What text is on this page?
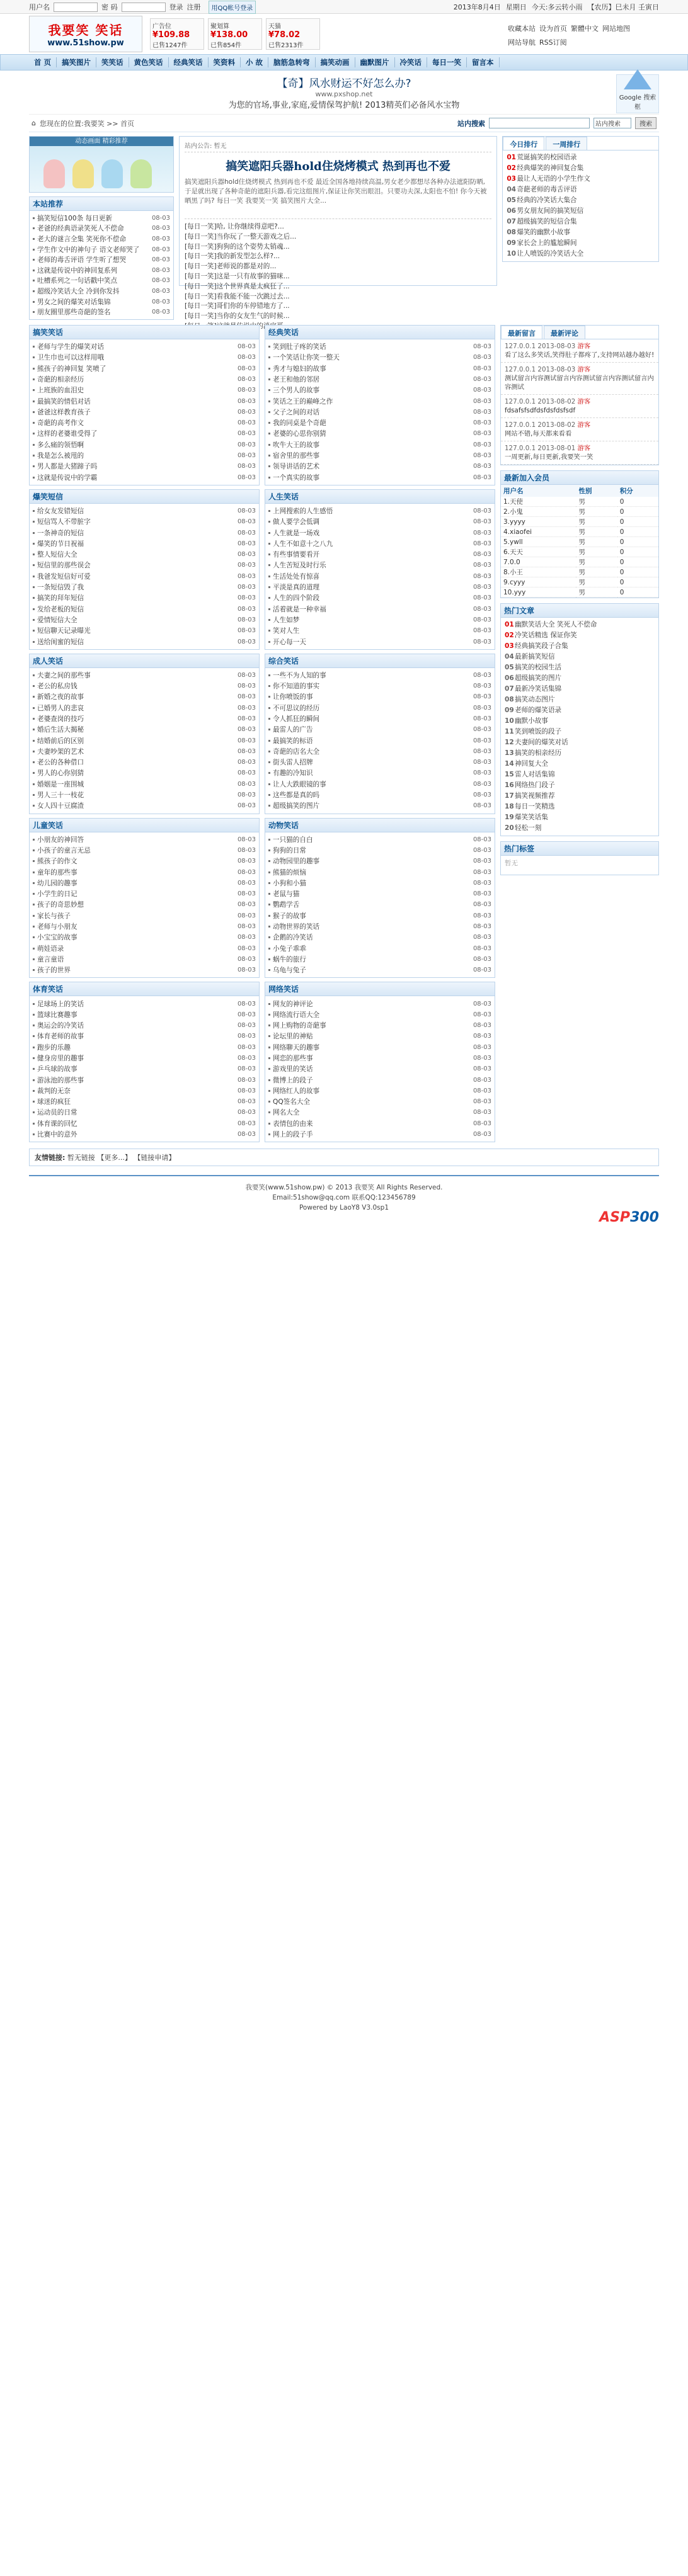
用户名	密 码	登录 注册	用QQ帐号登录	2013年8月4日 星期日 今天:多云转小雨 【农历】巳未月 壬寅日
我要笑 笑话
www.51show.pw
广告位
¥109.88
已售1247件
聚划算
¥138.00
已售854件
天猫
¥78.02
已售2313件
收藏本站 设为首页 繁體中文 网站地图
网站导航 RSS订阅
首 页	搞笑图片	笑笑话	黄色笑话	经典笑话	笑资料	小 故	脑筋急转弯	搞笑动画	幽默图片	冷笑话	每日一笑	留言本
【奇】风水财运不好怎么办?
www.pxshop.net
为您的官场,事业,家庭,爱情保驾护航! 2013精英们必备风水宝物
Google 搜索框
⌂ 您现在的位置:我要笑 >> 首页	站内搜索	站内搜索	搜索
动态画面 精彩推荐
本站推荐
搞笑短信100条 每日更新	08-03
老爸的经典语录笑死人不偿命	08-03
老大的谜言全集 笑死你不偿命	08-03
学生作文中的神句子 语文老师哭了	08-03
老师的毒舌评语 学生听了想哭	08-03
这就是传说中的神回复系列	08-03
吐槽系列之一句话戳中笑点	08-03
超级冷笑话大全 冷到你发抖	08-03
男女之间的爆笑对话集锦	08-03
朋友圈里那些奇葩的签名	08-03
站内公告: 暂无
搞笑遮阳兵器hold住烧烤模式 热到再也不爱
搞笑遮阳兵器hold住烧烤模式 热到再也不爱 最近全国各地持续高温,男女老少都想尽各种办法遮阳防晒,于是就出现了各种奇葩的遮阳兵器,看完这组图片,保证让你笑出眼泪。只要功夫深,太阳也不怕! 你今天被晒黑了吗? 每日一笑 我要笑一笑 搞笑图片大全...
[每日一笑]哈, 让你继续得意吧?...
[每日一笑]当你玩了一整天游戏之后...
[每日一笑]狗狗的这个姿势太销魂...
[每日一笑]我的新发型怎么样?...
[每日一笑]老师说的都是对的...
[每日一笑]这是一只有故事的猫咪...
[每日一笑]这个世界真是太疯狂了...
[每日一笑]看我能不能一次跳过去...
[每日一笑]哥们你的车停错地方了...
[每日一笑]当你的女友生气的时候...
今日排行	一周排行
01荒诞搞笑的校园语录
02经典爆笑的神回复合集
03最让人无语的小学生作文
04奇葩老师的毒舌评语
05经典的冷笑话大集合
06男女朋友间的搞笑短信
07超级搞笑的短信合集
08爆笑的幽默小故事
09家长会上的尴尬瞬间
10让人喷饭的冷笑话大全
搞笑笑话
老师与学生的爆笑对话	08-03
卫生巾也可以这样用哦	08-03
熊孩子的神回复 笑喷了	08-03
奇葩的相亲经历	08-03
上班族的血泪史	08-03
最搞笑的情侣对话	08-03
爸爸这样教育孩子	08-03
奇葩的高考作文	08-03
这样的老婆谁受得了	08-03
多么痛的领悟啊	08-03
我是怎么被甩的	08-03
男人都是大猪蹄子吗	08-03
这就是传说中的学霸	08-03
经典笑话
笑到肚子疼的笑话	08-03
一个笑话让你笑一整天	08-03
秀才与媳妇的故事	08-03
老王和他的邻居	08-03
三个男人的故事	08-03
笑话之王的巅峰之作	08-03
父子之间的对话	08-03
我的同桌是个奇葩	08-03
老婆的心思你别猜	08-03
吹牛大王的故事	08-03
宿舍里的那些事	08-03
领导讲话的艺术	08-03
一个真实的故事	08-03
爆笑短信
给女友发错短信	08-03
短信骂人不带脏字	08-03
一条神奇的短信	08-03
爆笑的节日祝福	08-03
整人短信大全	08-03
短信里的那些误会	08-03
我爸发短信好可爱	08-03
一条短信毁了我	08-03
搞笑的拜年短信	08-03
发给老板的短信	08-03
爱情短信大全	08-03
短信聊天记录曝光	08-03
送给闺蜜的短信	08-03
人生笑话
上网搜索的人生感悟	08-03
做人要学会低调	08-03
人生就是一场戏	08-03
人生不如意十之八九	08-03
有些事情要看开	08-03
人生苦短及时行乐	08-03
生活处处有惊喜	08-03
平淡是真的道理	08-03
人生的四个阶段	08-03
活着就是一种幸福	08-03
人生如梦	08-03
笑对人生	08-03
开心每一天	08-03
成人笑话
夫妻之间的那些事	08-03
老公的私房钱	08-03
新婚之夜的故事	08-03
已婚男人的悲哀	08-03
老婆查岗的技巧	08-03
婚后生活大揭秘	08-03
结婚前后的区别	08-03
夫妻吵架的艺术	08-03
老公的各种借口	08-03
男人的心你别猜	08-03
婚姻是一座围城	08-03
男人三十一枝花	08-03
女人四十豆腐渣	08-03
综合笑话
一些不为人知的事	08-03
你不知道的事实	08-03
让你喷饭的事	08-03
不可思议的经历	08-03
令人抓狂的瞬间	08-03
最雷人的广告	08-03
最搞笑的标语	08-03
奇葩的店名大全	08-03
街头雷人招牌	08-03
有趣的冷知识	08-03
让人大跌眼镜的事	08-03
这些都是真的吗	08-03
超级搞笑的图片	08-03
儿童笑话
小朋友的神回答	08-03
小孩子的童言无忌	08-03
熊孩子的作文	08-03
童年的那些事	08-03
幼儿园的趣事	08-03
小学生的日记	08-03
孩子的奇思妙想	08-03
家长与孩子	08-03
老师与小朋友	08-03
小宝宝的故事	08-03
萌娃语录	08-03
童言童语	08-03
孩子的世界	08-03
动物笑话
一只猫的自白	08-03
狗狗的日常	08-03
动物园里的趣事	08-03
熊猫的烦恼	08-03
小狗和小猫	08-03
老鼠与猫	08-03
鹦鹉学舌	08-03
猴子的故事	08-03
动物世界的笑话	08-03
企鹅的冷笑话	08-03
小兔子乖乖	08-03
蜗牛的旅行	08-03
乌龟与兔子	08-03
体育笑话
足球场上的笑话	08-03
篮球比赛趣事	08-03
奥运会的冷笑话	08-03
体育老师的故事	08-03
跑步的乐趣	08-03
健身房里的趣事	08-03
乒乓球的故事	08-03
游泳池的那些事	08-03
裁判的无奈	08-03
球迷的疯狂	08-03
运动员的日常	08-03
体育课的回忆	08-03
比赛中的意外	08-03
网络笑话
网友的神评论	08-03
网络流行语大全	08-03
网上购物的奇葩事	08-03
论坛里的神贴	08-03
网络聊天的趣事	08-03
网恋的那些事	08-03
游戏里的笑话	08-03
微博上的段子	08-03
网络红人的故事	08-03
QQ签名大全	08-03
网名大全	08-03
表情包的由来	08-03
网上的段子手	08-03
最新留言	最新评论
127.0.0.1 2013-08-03 游客
看了这么多笑话,笑得肚子都疼了,支持网站越办越好!
127.0.0.1 2013-08-03 游客
测试留言内容测试留言内容测试留言内容测试留言内容测试
127.0.0.1 2013-08-02 游客
fdsafsfsdfdsfdsfdsfsdf
127.0.0.1 2013-08-02 游客
网站不错,每天都来看看
127.0.0.1 2013-08-01 游客
一周更新,每日更新,我要笑一笑
最新加入会员
用户名	性别	积分
1.天使	男	0
2.小鬼	男	0
3.yyyy	男	0
4.xiaofei	男	0
5.ywll	男	0
6.天天	男	0
7.0.0	男	0
8.小王	男	0
9.cyyy	男	0
10.yyy	男	0
热门文章
01幽默笑话大全 笑死人不偿命
02冷笑话精选 保证你笑
03经典搞笑段子合集
04最新搞笑短信
05搞笑的校园生活
06超级搞笑的图片
07最新冷笑话集锦
08搞笑动态图片
09老师的爆笑语录
10幽默小故事
11笑到喷饭的段子
12夫妻间的爆笑对话
13搞笑的相亲经历
14神回复大全
15雷人对话集锦
16网络热门段子
17搞笑视频推荐
18每日一笑精选
19爆笑笑话集
20轻松一刻
热门标签
暂无
友情链接: 暂无链接 【更多...】 【链接申请】
我要笑(www.51show.pw) © 2013 我要笑 All Rights Reserved.
Email:51show@qq.com 联系QQ:123456789
Powered by LaoY8 V3.0sp1
ASP300
